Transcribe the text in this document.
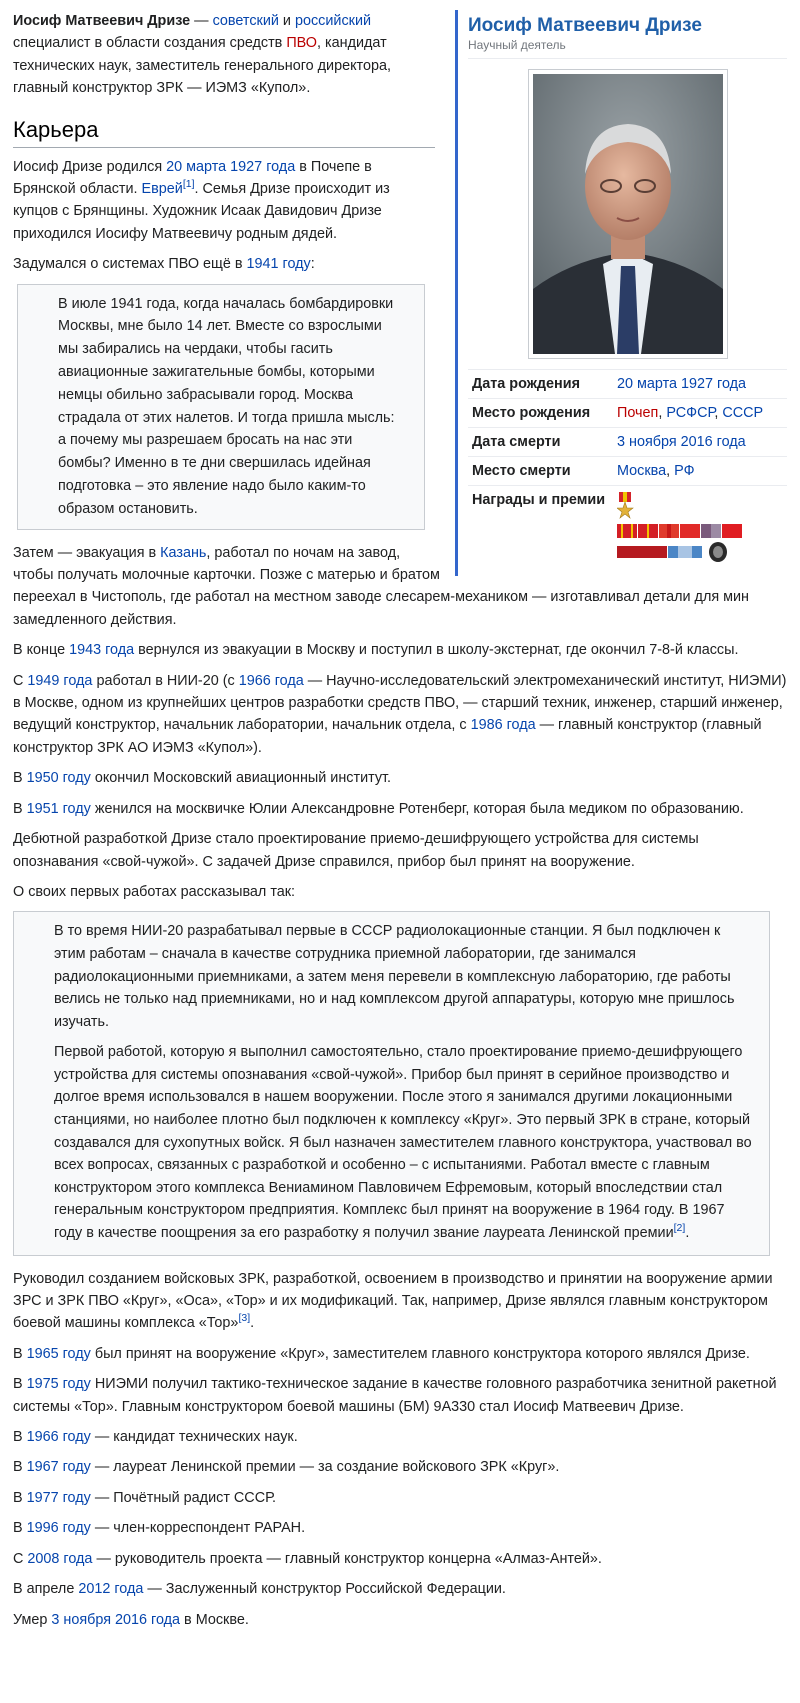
Иосиф Матвеевич Дризе
Научный деятель
Дата рождения	20 марта 1927 года
Место рождения	Почеп, РСФСР, СССР
Дата смерти	3 ноября 2016 года
Место смерти	Москва, РФ
Награды и премии

Иосиф Матвеевич Дризе — советский и российский специалист в области создания средств ПВО, кандидат технических наук, заместитель генерального директора, главный конструктор ЗРК — ИЭМЗ «Купол».

Карьера

Иосиф Дризе родился 20 марта 1927 года в Почепе в Брянской области. Еврей[1]. Семья Дризе происходит из купцов с Брянщины. Художник Исаак Давидович Дризе приходился Иосифу Матвеевичу родным дядей.

Задумался о системах ПВО ещё в 1941 году:

В июле 1941 года, когда началась бомбардировки Москвы, мне было 14 лет. Вместе со взрослыми мы забирались на чердаки, чтобы гасить авиационные зажигательные бомбы, которыми немцы обильно забрасывали город. Москва страдала от этих налетов. И тогда пришла мысль: а почему мы разрешаем бросать на нас эти бомбы? Именно в те дни свершилась идейная подготовка – это явление надо было каким-то образом остановить.

Затем — эвакуация в Казань, работал по ночам на завод, чтобы получать молочные карточки. Позже с матерью и братом переехал в Чистополь, где работал на местном заводе слесарем-механиком — изготавливал детали для мин замедленного действия.

В конце 1943 года вернулся из эвакуации в Москву и поступил в школу-экстернат, где окончил 7-8-й классы.

С 1949 года работал в НИИ-20 (с 1966 года — Научно-исследовательский электромеханический институт, НИЭМИ) в Москве, одном из крупнейших центров разработки средств ПВО, — старший техник, инженер, старший инженер, ведущий конструктор, начальник лаборатории, начальник отдела, с 1986 года — главный конструктор (главный конструктор ЗРК АО ИЭМЗ «Купол»).

В 1950 году окончил Московский авиационный институт.

В 1951 году женился на москвичке Юлии Александровне Ротенберг, которая была медиком по образованию.

Дебютной разработкой Дризе стало проектирование приемо-дешифрующего устройства для системы опознавания «свой-чужой». С задачей Дризе справился, прибор был принят на вооружение.

О своих первых работах рассказывал так:

В то время НИИ-20 разрабатывал первые в СССР радиолокационные станции. Я был подключен к этим работам – сначала в качестве сотрудника приемной лаборатории, где занимался радиолокационными приемниками, а затем меня перевели в комплексную лабораторию, где работы велись не только над приемниками, но и над комплексом другой аппаратуры, которую мне пришлось изучать.

Первой работой, которую я выполнил самостоятельно, стало проектирование приемо-дешифрующего устройства для системы опознавания «свой-чужой». Прибор был принят в серийное производство и долгое время использовался в нашем вооружении. После этого я занимался другими локационными станциями, но наиболее плотно был подключен к комплексу «Круг». Это первый ЗРК в стране, который создавался для сухопутных войск. Я был назначен заместителем главного конструктора, участвовал во всех вопросах, связанных с разработкой и особенно – с испытаниями. Работал вместе с главным конструктором этого комплекса Вениамином Павловичем Ефремовым, который впоследствии стал генеральным конструктором предприятия. Комплекс был принят на вооружение в 1964 году. В 1967 году в качестве поощрения за его разработку я получил звание лауреата Ленинской премии[2].

Руководил созданием войсковых ЗРК, разработкой, освоением в производство и принятии на вооружение армии ЗРС и ЗРК ПВО «Круг», «Оса», «Тор» и их модификаций. Так, например, Дризе являлся главным конструктором боевой машины комплекса «Тор»[3].

В 1965 году был принят на вооружение «Круг», заместителем главного конструктора которого являлся Дризе.

В 1975 году НИЭМИ получил тактико-техническое задание в качестве головного разработчика зенитной ракетной системы «Тор». Главным конструктором боевой машины (БМ) 9А330 стал Иосиф Матвеевич Дризе.

В 1966 году — кандидат технических наук.

В 1967 году — лауреат Ленинской премии — за создание войскового ЗРК «Круг».

В 1977 году — Почётный радист СССР.

В 1996 году — член-корреспондент РАРАН.

С 2008 года — руководитель проекта — главный конструктор концерна «Алмаз-Антей».

В апреле 2012 года — Заслуженный конструктор Российской Федерации.

Умер 3 ноября 2016 года в Москве.
